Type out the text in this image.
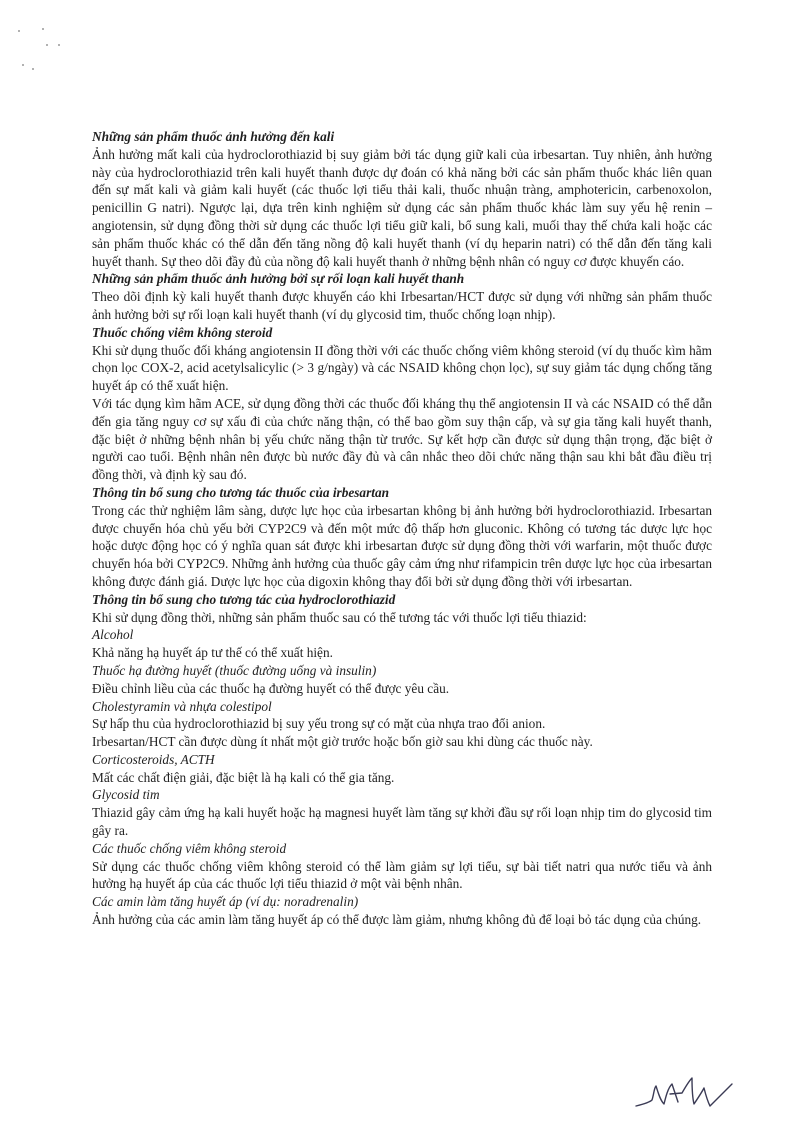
Những sản phẩm thuốc ảnh hưởng đến kali

Ảnh hưởng mất kali của hydroclorothiazid bị suy giảm bởi tác dụng giữ kali của irbesartan. Tuy nhiên, ảnh hưởng này của hydroclorothiazid trên kali huyết thanh được dự đoán có khả năng bởi các sản phẩm thuốc khác liên quan đến sự mất kali và giảm kali huyết (các thuốc lợi tiểu thải kali, thuốc nhuận tràng, amphotericin, carbenoxolon, penicillin G natri). Ngược lại, dựa trên kinh nghiệm sử dụng các sản phẩm thuốc khác làm suy yếu hệ renin – angiotensin, sử dụng đồng thời sử dụng các thuốc lợi tiểu giữ kali, bổ sung kali, muối thay thế chứa kali hoặc các sản phẩm thuốc khác có thể dẫn đến tăng nồng độ kali huyết thanh (ví dụ heparin natri) có thể dẫn đến tăng kali huyết thanh. Sự theo dõi đầy đủ của nồng độ kali huyết thanh ở những bệnh nhân có nguy cơ được khuyến cáo.

Những sản phẩm thuốc ảnh hưởng bởi sự rối loạn kali huyết thanh

Theo dõi định kỳ kali huyết thanh được khuyến cáo khi Irbesartan/HCT được sử dụng với những sản phẩm thuốc ảnh hưởng bởi sự rối loạn kali huyết thanh (ví dụ glycosid tim, thuốc chống loạn nhịp).

Thuốc chống viêm không steroid

Khi sử dụng thuốc đối kháng angiotensin II đồng thời với các thuốc chống viêm không steroid (ví dụ thuốc kìm hãm chọn lọc COX-2, acid acetylsalicylic (> 3 g/ngày) và các NSAID không chọn lọc), sự suy giảm tác dụng chống tăng huyết áp có thể xuất hiện.

Với tác dụng kìm hãm ACE, sử dụng đồng thời các thuốc đối kháng thụ thể angiotensin II và các NSAID có thể dẫn đến gia tăng nguy cơ sự xấu đi của chức năng thận, có thể bao gồm suy thận cấp, và sự gia tăng kali huyết thanh, đặc biệt ở những bệnh nhân bị yếu chức năng thận từ trước. Sự kết hợp cần được sử dụng thận trọng, đặc biệt ở người cao tuổi. Bệnh nhân nên được bù nước đầy đủ và cân nhắc theo dõi chức năng thận sau khi bắt đầu điều trị đồng thời, và định kỳ sau đó.

Thông tin bổ sung cho tương tác thuốc của irbesartan

Trong các thử nghiệm lâm sàng, dược lực học của irbesartan không bị ảnh hưởng bởi hydroclorothiazid. Irbesartan được chuyển hóa chủ yếu bởi CYP2C9 và đến một mức độ thấp hơn gluconic. Không có tương tác dược lực học hoặc dược động học có ý nghĩa quan sát được khi irbesartan được sử dụng đồng thời với warfarin, một thuốc được chuyển hóa bởi CYP2C9. Những ảnh hưởng của thuốc gây cảm ứng như rifampicin trên dược lực học của irbesartan không được đánh giá. Dược lực học của digoxin không thay đổi bởi sử dụng đồng thời với irbesartan.

Thông tin bổ sung cho tương tác của hydroclorothiazid

Khi sử dụng đồng thời, những sản phẩm thuốc sau có thể tương tác với thuốc lợi tiểu thiazid:

Alcohol

Khả năng hạ huyết áp tư thế có thể xuất hiện.

Thuốc hạ đường huyết (thuốc đường uống và insulin)

Điều chỉnh liều của các thuốc hạ đường huyết có thể được yêu cầu.

Cholestyramin và nhựa colestipol

Sự hấp thu của hydroclorothiazid bị suy yếu trong sự có mặt của nhựa trao đổi anion.

Irbesartan/HCT cần được dùng ít nhất một giờ trước hoặc bốn giờ sau khi dùng các thuốc này.

Corticosteroids, ACTH

Mất các chất điện giải, đặc biệt là hạ kali có thể gia tăng.

Glycosid tim

Thiazid gây cảm ứng hạ kali huyết hoặc hạ magnesi huyết làm tăng sự khởi đầu sự rối loạn nhịp tim do glycosid tim gây ra.

Các thuốc chống viêm không steroid

Sử dụng các thuốc chống viêm không steroid có thể làm giảm sự lợi tiểu, sự bài tiết natri qua nước tiểu và ảnh hưởng hạ huyết áp của các thuốc lợi tiểu thiazid ở một vài bệnh nhân.

Các amin làm tăng huyết áp (ví dụ: noradrenalin)

Ảnh hưởng của các amin làm tăng huyết áp có thể được làm giảm, nhưng không đủ để loại bỏ tác dụng của chúng.
